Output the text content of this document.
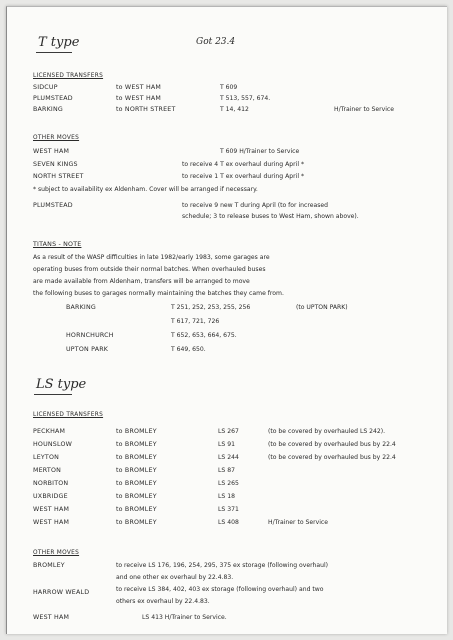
T type	Got 23.4
LICENSED TRANSFERS
SIDCUP	to WEST HAM	T 609
PLUMSTEAD	to WEST HAM	T 513, 557, 674.
BARKING	to NORTH STREET	T 14, 412	H/Trainer to Service
OTHER MOVES
WEST HAM	T 609 H/Trainer to Service
SEVEN KINGS	to receive 4 T ex overhaul during April *
NORTH STREET	to receive 1 T ex overhaul during April *
* subject to availability ex Aldenham. Cover will be arranged if necessary.
PLUMSTEAD	to receive 9 new T during April (to for increased
schedule; 3 to release buses to West Ham, shown above).
TITANS - NOTE
As a result of the WASP difficulties in late 1982/early 1983, some garages are
operating buses from outside their normal batches. When overhauled buses
are made available from Aldenham, transfers will be arranged to move
the following buses to garages normally maintaining the batches they came from.
BARKING	T 251, 252, 253, 255, 256	(to UPTON PARK)
T 617, 721, 726
HORNCHURCH	T 652, 653, 664, 675.
UPTON PARK	T 649, 650.
LS type
LICENSED TRANSFERS
PECKHAM	to BROMLEY	LS 267	(to be covered by overhauled LS 242).
HOUNSLOW	to BROMLEY	LS 91	(to be covered by overhauled bus by 22.4
LEYTON	to BROMLEY	LS 244	(to be covered by overhauled bus by 22.4
MERTON	to BROMLEY	LS 87
NORBITON	to BROMLEY	LS 265
UXBRIDGE	to BROMLEY	LS 18
WEST HAM	to BROMLEY	LS 371
WEST HAM	to BROMLEY	LS 408	H/Trainer to Service
OTHER MOVES
BROMLEY	to receive LS 176, 196, 254, 295, 375 ex storage (following overhaul)
and one other ex overhaul by 22.4.83.
HARROW WEALD	to receive LS 384, 402, 403 ex storage (following overhaul) and two
others ex overhaul by 22.4.83.
WEST HAM	LS 413 H/Trainer to Service.
